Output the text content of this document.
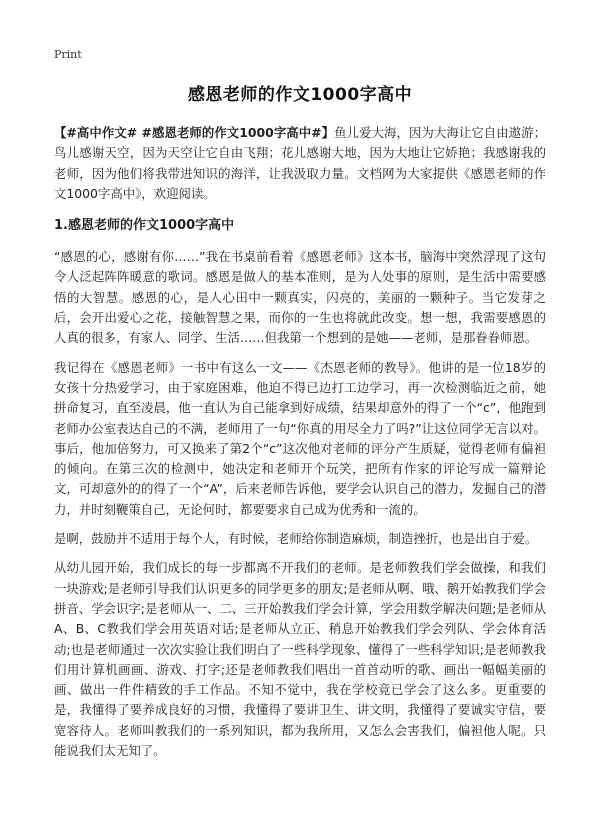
Print
感恩老师的作文1000字高中

【#高中作文# #感恩老师的作文1000字高中#】鱼儿爱大海，因为大海让它自由遨游；鸟儿感谢天空，因为天空让它自由飞翔；花儿感谢大地，因为大地让它娇艳；我感谢我的老师，因为他们将我带进知识的海洋，让我汲取力量。文档网为大家提供《感恩老师的作文1000字高中》，欢迎阅读。

1.感恩老师的作文1000字高中

“感恩的心，感谢有你……”我在书桌前看着《感恩老师》这本书，脑海中突然浮现了这句令人泛起阵阵暖意的歌词。感恩是做人的基本准则，是为人处事的原则，是生活中需要感悟的大智慧。感恩的心，是人心田中一颗真实，闪亮的，美丽的一颗种子。当它发芽之后，会开出爱心之花，接触智慧之果，而你的一生也将就此改变。想一想，我需要感恩的人真的很多，有家人、同学、生活……但我第一个想到的是她——老师，是那眷眷师恩。

我记得在《感恩老师》一书中有这么一文——《杰恩老师的教导》。他讲的是一位18岁的女孩十分热爱学习，由于家庭困难，他迫不得已边打工边学习，再一次检测临近之前，她拼命复习，直至凌晨，他一直认为自己能拿到好成绩，结果却意外的得了一个“c”，他跑到老师办公室表达自己的不满，老师用了一句“你真的用尽全力了吗?”让这位同学无言以对。事后，他加倍努力，可又换来了第2个“c”这次他对老师的评分产生质疑，觉得老师有偏袒的倾向。在第三次的检测中，她决定和老师开个玩笑，把所有作家的评论写成一篇辩论文，可却意外的的得了一个“A”，后来老师告诉他，要学会认识自己的潜力，发掘自己的潜力，并时刻鞭策自己，无论何时，都要要求自己成为优秀和一流的。

是啊，鼓励并不适用于每个人，有时候，老师给你制造麻烦，制造挫折，也是出自于爱。

从幼儿园开始，我们成长的每一步都离不开我们的老师。是老师教我们学会做操，和我们一块游戏;是老师引导我们认识更多的同学更多的朋友;是老师从啊、哦、鹅开始教我们学会拼音、学会识字;是老师从一、二、三开始教我们学会计算，学会用数学解决问题;是老师从A、B、C教我们学会用英语对话;是老师从立正、稍息开始教我们学会列队、学会体育活动;也是老师通过一次次实验让我们明白了一些科学现象、懂得了一些科学知识;是老师教我们用计算机画画、游戏、打字;还是老师教我们唱出一首首动听的歌、画出一幅幅美丽的画、做出一件件精致的手工作品。不知不觉中，我在学校竟已学会了这么多。更重要的是，我懂得了要养成良好的习惯，我懂得了要讲卫生、讲文明，我懂得了要诚实守信，要宽容待人。老师叫教我们的一系列知识，都为我所用，又怎么会害我们，偏袒他人呢。只能说我们太无知了。
